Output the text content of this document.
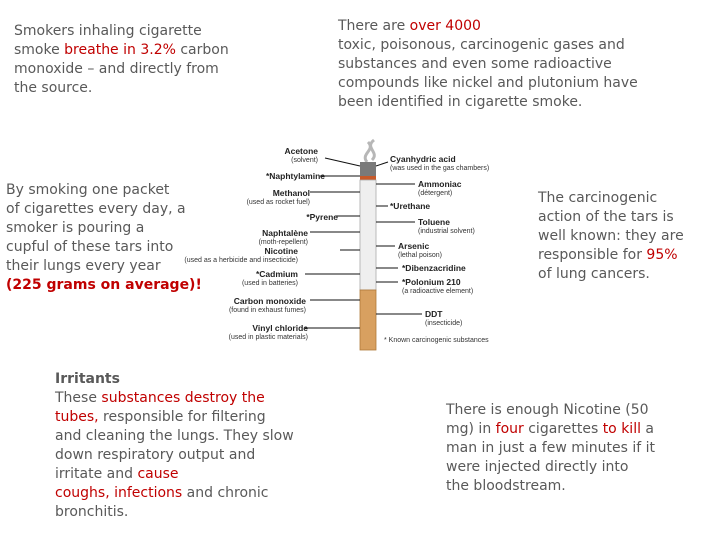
Smokers inhaling cigarette
smoke breathe in 3.2% carbon
monoxide – and directly from
the source.
There are over 4000
toxic, poisonous, carcinogenic gases and
substances and even some radioactive
compounds like nickel and plutonium have
been identified in cigarette smoke.
By smoking one packet
of cigarettes every day, a
smoker is pouring a
cupful of these tars into
their lungs every year
(225 grams on average)!
The carcinogenic
action of the tars is
well known: they are
responsible for 95%
of lung cancers.
Irritants
These substances destroy the
tubes, responsible for filtering
and cleaning the lungs. They slow
down respiratory output and
irritate and cause
coughs, infections and chronic
bronchitis.
There is enough Nicotine (50
mg) in four cigarettes to kill a
man in just a few minutes if it
were injected directly into
the bloodstream.
Acetone
(solvent)
*Naphtylamine
Methanol
(used as rocket fuel)
*Pyrene
Naphtalène
(moth-repellent)
Nicotine
(used as a herbicide and insecticide)
*Cadmium
(used in batteries)
Carbon monoxide
(found in exhaust fumes)
Vinyl chloride
(used in plastic materials)
Cyanhydric acid
(was used in the gas chambers)
Ammoniac
(détergent)
*Urethane
Toluene
(industrial solvent)
Arsenic
(lethal poison)
*Dibenzacridine
*Polonium 210
(a radioactive element)
DDT
(insecticide)
* Known carcinogenic substances
